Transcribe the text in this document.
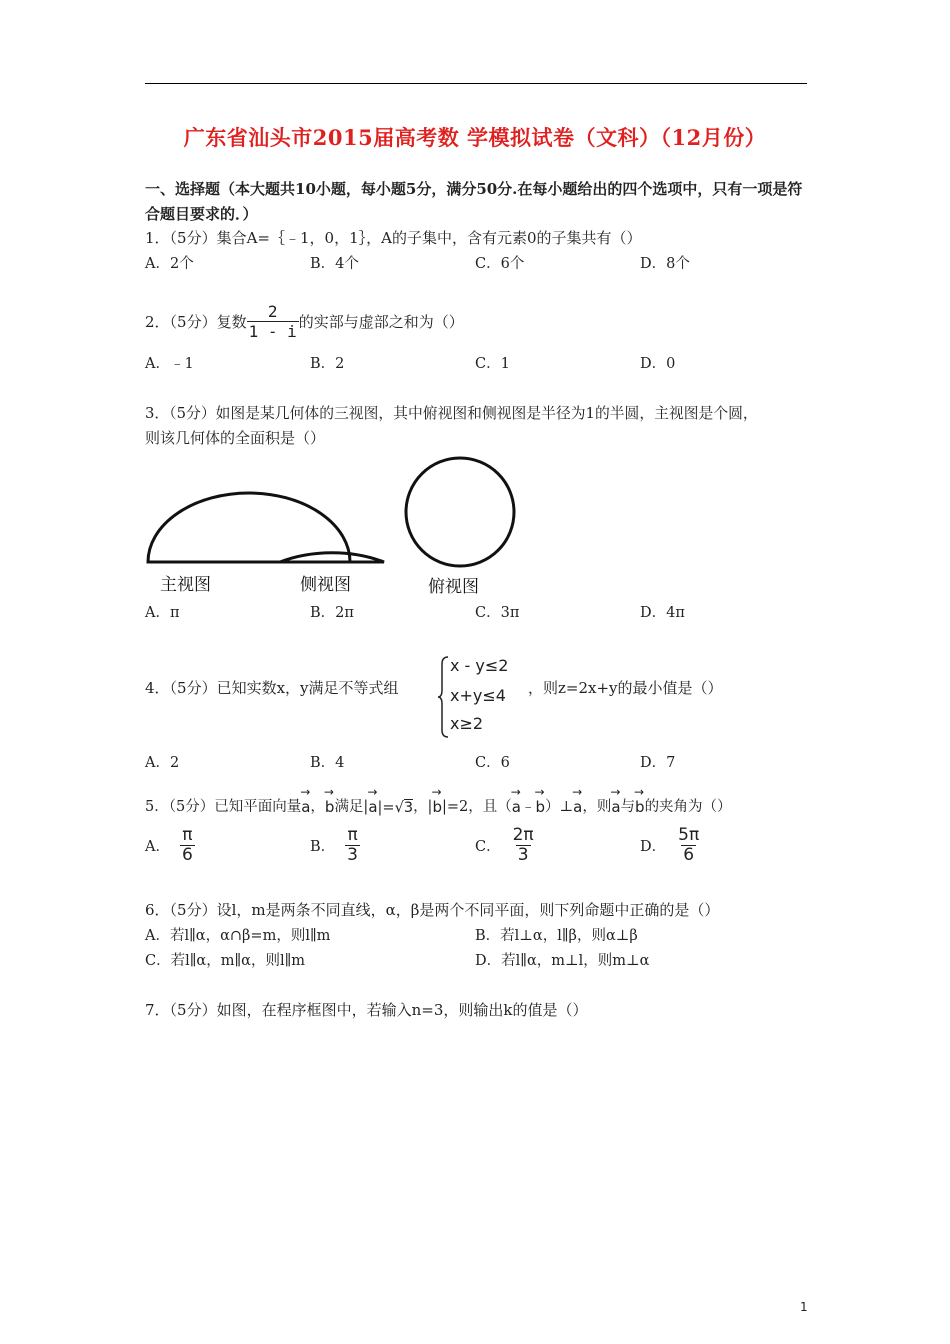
广东省汕头市2015届高考数 学模拟试卷（文科）（12月份）
一、选择题（本大题共10小题，每小题5分，满分50分.在每小题给出的四个选项中，只有一项是符合题目要求的．）
1．（5分）集合A=｛﹣1，0，1｝，A的子集中，含有元素0的子集共有（）
A．2个	B．4个	C．6个	D．8个
2．（5分）复数 $\frac{2}{1 - i}$ 的实部与虚部之和为（）
A．﹣1	B．2	C．1	D．0
3．（5分）如图是某几何体的三视图，其中俯视图和侧视图是半径为1的半圆，主视图是个圆，
则该几何体的全面积是（）
主视图	侧视图	俯视图
A．π	B．2π	C．3π	D．4π
4．（5分）已知实数x，y满足不等式组
x - y≤2
x+y≤4
x≥2
，则z=2x+y的最小值是（）
A．2	B．4	C．6	D．7
5．（5分）已知平面向量 → a ， → b 满足| → a |= √3 ，| → b |=2，且（ → a ﹣ → b ）⊥ → a ，则 → a 与 → b 的夹角为（）
A． $\frac{\pi}{6}$	B． $\frac{\pi}{3}$	C． $\frac{2\pi}{3}$	D． $\frac{5\pi}{6}$
6．（5分）设l，m是两条不同直线，α，β是两个不同平面，则下列命题中正确的是（）
A．若l∥α，α∩β=m，则l∥m	B．若l⊥α，l∥β，则α⊥β
C．若l∥α，m∥α，则l∥m	D．若l∥α，m⊥l，则m⊥α
7．（5分）如图，在程序框图中，若输入n=3，则输出k的值是（）
1
